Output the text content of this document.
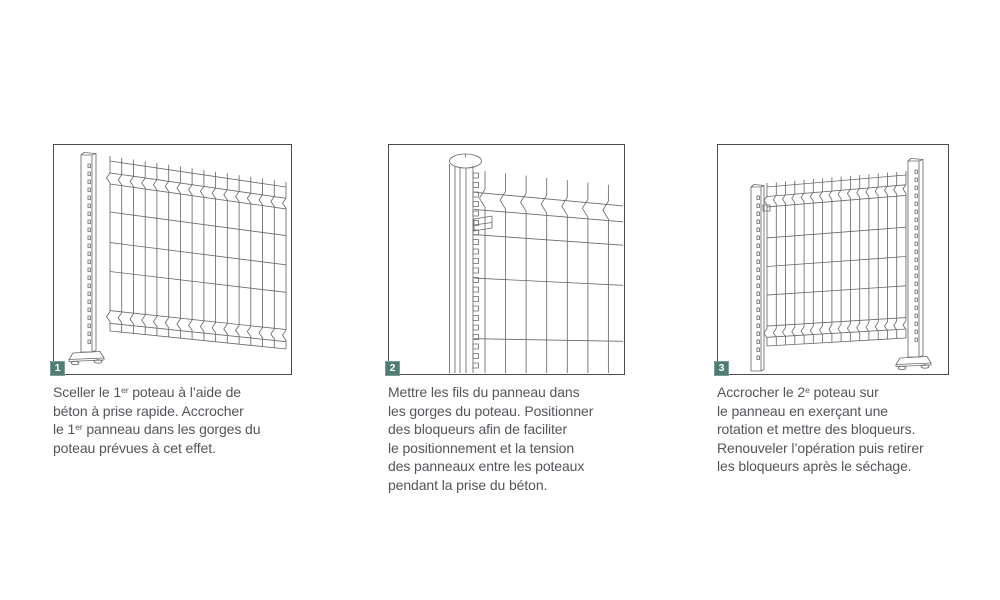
1
Sceller le 1er poteau à l’aide de
béton à prise rapide. Accrocher
le 1er panneau dans les gorges du
poteau prévues à cet effet.
2
Mettre les fils du panneau dans
les gorges du poteau. Positionner
des bloqueurs afin de faciliter
le positionnement et la tension
des panneaux entre les poteaux
pendant la prise du béton.
3
Accrocher le 2e poteau sur
le panneau en exerçant une
rotation et mettre des bloqueurs.
Renouveler l’opération puis retirer
les bloqueurs après le séchage.
